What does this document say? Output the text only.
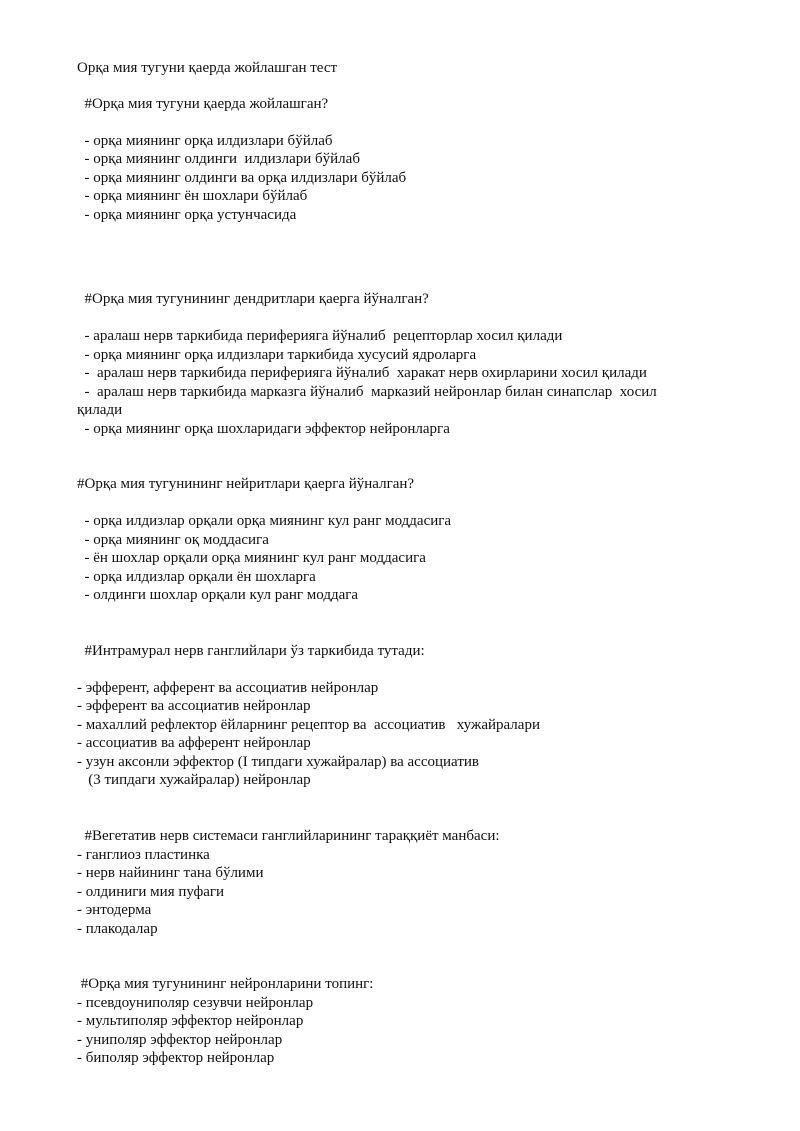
Орқа мия тугуни қаерда жойлашган тест
#Орқа мия тугуни қаерда жойлашган?
- орқа миянинг орқа илдизлари бўйлаб
- орқа миянинг олдинги  илдизлари бўйлаб
- орқа миянинг олдинги ва орқа илдизлари бўйлаб
- орқа миянинг ён шохлари бўйлаб
- орқа миянинг орқа устунчасида
#Орқа мия тугунининг дендритлари қаерга йўналган?
- аралаш нерв таркибида периферияга йўналиб  рецепторлар хосил қилади
- орқа миянинг орқа илдизлари таркибида хусусий ядроларга
-  аралаш нерв таркибида периферияга йўналиб  харакат нерв охирларини хосил қилади
-  аралаш нерв таркибида марказга йўналиб  марказий нейронлар билан синапслар  хосил
қилади
- орқа миянинг орқа шохларидаги эффектор нейронларга
#Орқа мия тугунининг нейритлари қаерга йўналган?
- орқа илдизлар орқали орқа миянинг кул ранг моддасига
- орқа миянинг оқ моддасига
- ён шохлар орқали орқа миянинг кул ранг моддасига
- орқа илдизлар орқали ён шохларга
- олдинги шохлар орқали кул ранг моддага
#Интрамурал нерв ганглийлари ўз таркибида тутади:
- эфферент, афферент ва ассоциатив нейронлар
- эфферент ва ассоциатив нейронлар
- махаллий рефлектор ёйларнинг рецептор ва  ассоциатив   хужайралари
- ассоциатив ва афферент нейронлар
- узун аксонли эффектор (I типдаги хужайралар) ва ассоциатив
(3 типдаги хужайралар) нейронлар
#Вегетатив нерв системаси ганглийларининг тараққиёт манбаси:
- ганглиоз пластинка
- нерв найининг тана бўлими
- олдиниги мия пуфаги
- энтодерма
- плакодалар
#Орқа мия тугунининг нейронларини топинг:
- псевдоуниполяр сезувчи нейронлар
- мультиполяр эффектор нейронлар
- униполяр эффектор нейронлар
- биполяр эффектор нейронлар
